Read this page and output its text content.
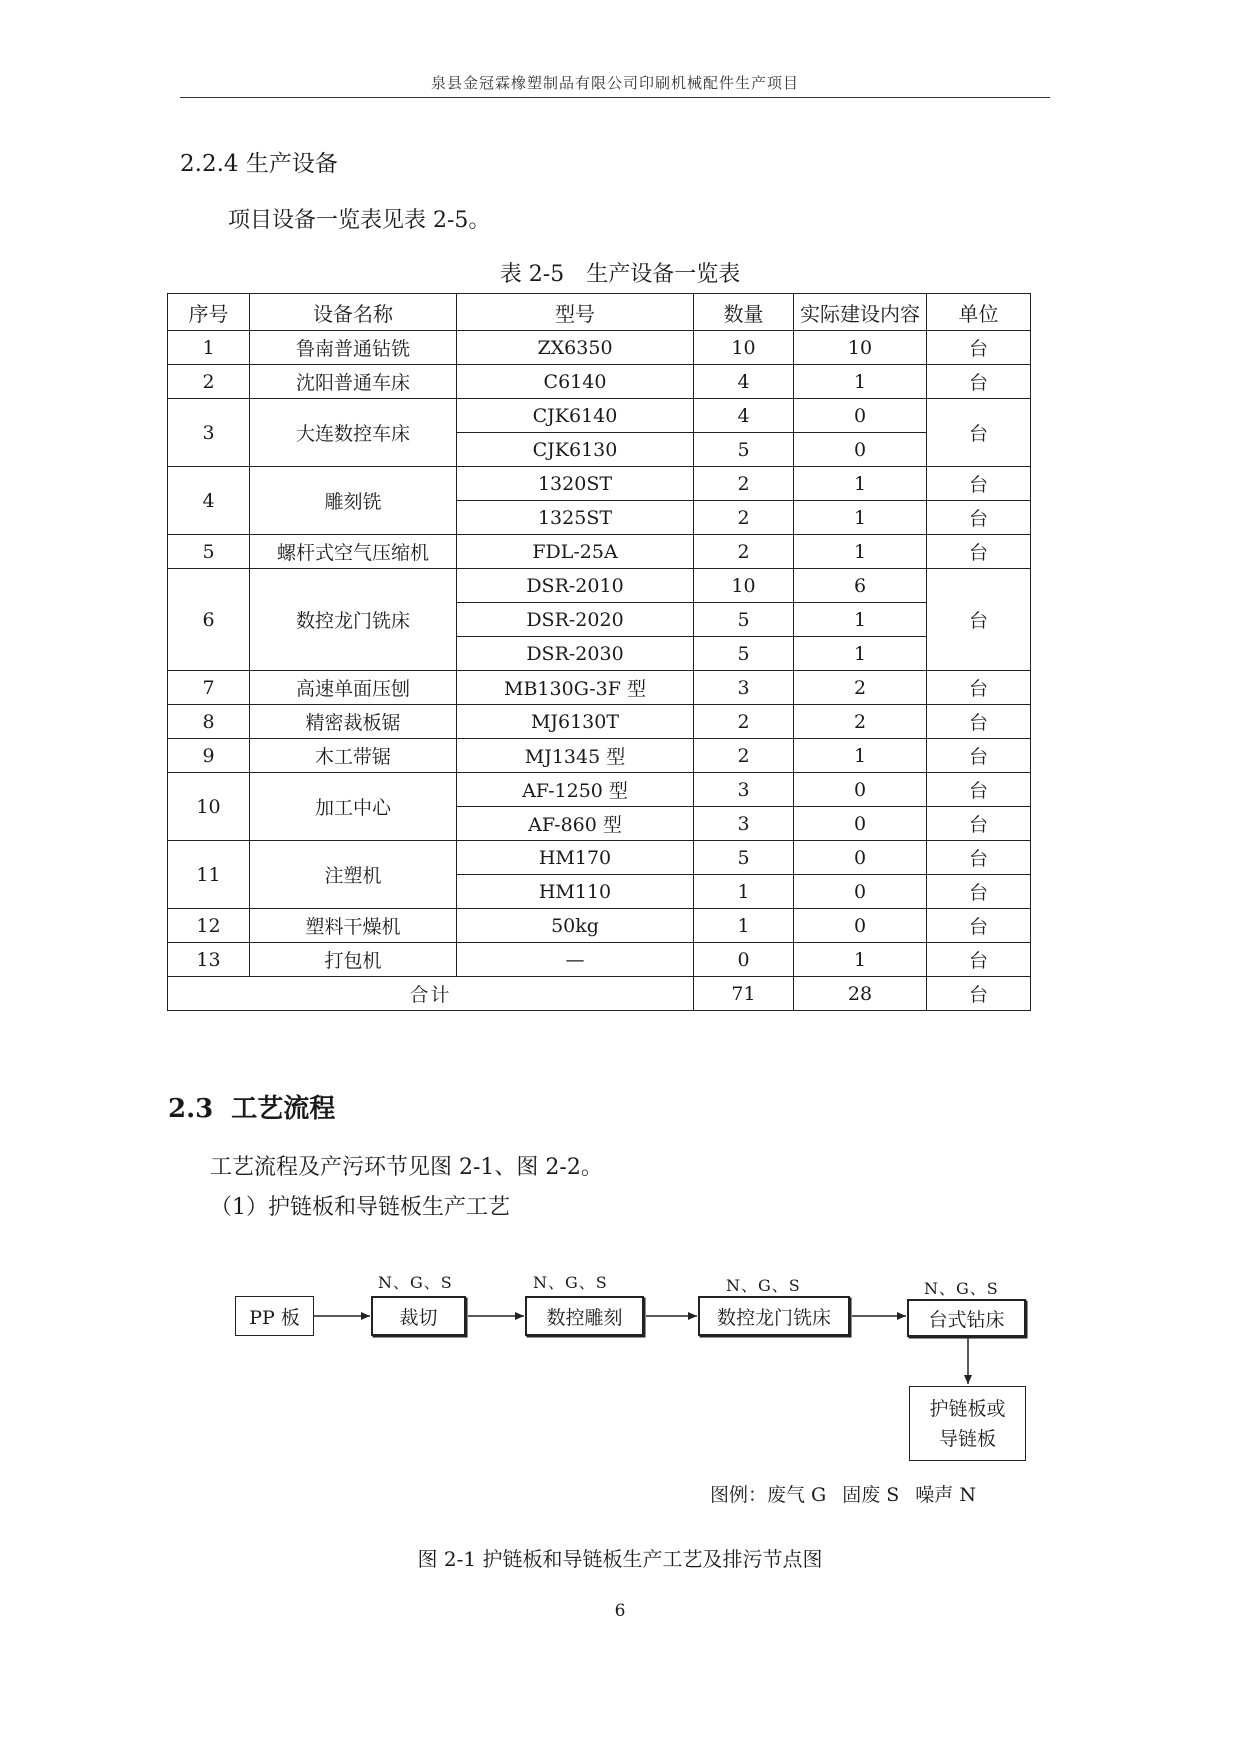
泉县金冠霖橡塑制品有限公司印刷机械配件生产项目
2.2.4 生产设备
项目设备一览表见表 2-5。
表 2-5　生产设备一览表
序号	设备名称	型号	数量	实际建设内容	单位
1	鲁南普通钻铣	ZX6350	10	10	台
2	沈阳普通车床	C6140	4	1	台
3	大连数控车床	CJK6140	4	0	台
		CJK6130	5	0	
4	雕刻铣	1320ST	2	1	台
		1325ST	2	1	台
5	螺杆式空气压缩机	FDL-25A	2	1	台
6	数控龙门铣床	DSR-2010	10	6	台
		DSR-2020	5	1	
		DSR-2030	5	1	
7	高速单面压刨	MB130G-3F 型	3	2	台
8	精密裁板锯	MJ6130T	2	2	台
9	木工带锯	MJ1345 型	2	1	台
10	加工中心	AF-1250 型	3	0	台
		AF-860 型	3	0	台
11	注塑机	HM170	5	0	台
		HM110	1	0	台
12	塑料干燥机	50kg	1	0	台
13	打包机	—	0	1	台
合计			71	28	台
2.3 工艺流程
工艺流程及产污环节见图 2-1、图 2-2。
（1）护链板和导链板生产工艺
PP 板
N、G、S
裁切
N、G、S
数控雕刻
N、G、S
数控龙门铣床
N、G、S
台式钻床
护链板或
导链板
图例：废气 G 固废 S 噪声 N
图 2-1 护链板和导链板生产工艺及排污节点图
6
